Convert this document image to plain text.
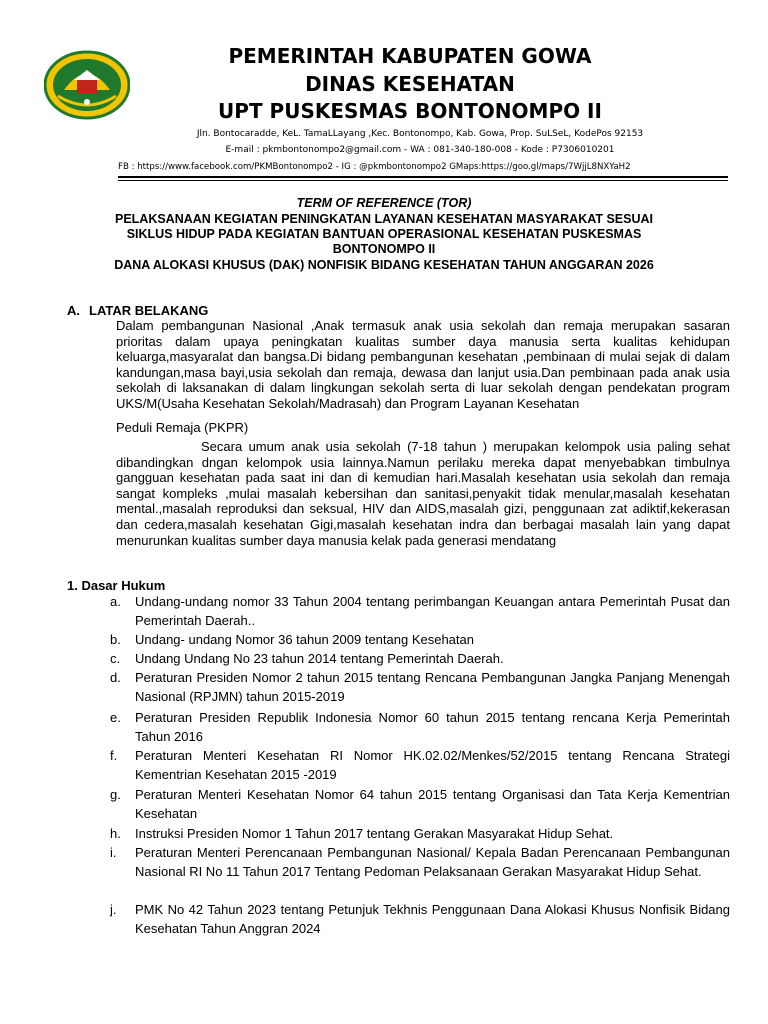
PEMERINTAH KABUPATEN GOWA
DINAS KESEHATAN
UPT PUSKESMAS BONTONOMPO II
Jln. Bontocaradde, KeL. TamaLLayang ,Kec. Bontonompo, Kab. Gowa, Prop. SuLSeL, KodePos 92153
E-mail : pkmbontonompo2@gmail.com - WA : 081-340-180-008 - Kode : P7306010201
FB : https://www.facebook.com/PKMBontonompo2 - IG : @pkmbontonompo2 GMaps:https://goo.gl/maps/7WjjL8NXYaH2
TERM OF REFERENCE (TOR)
PELAKSANAAN KEGIATAN PENINGKATAN LAYANAN KESEHATAN MASYARAKAT SESUAI
SIKLUS HIDUP PADA KEGIATAN BANTUAN OPERASIONAL KESEHATAN PUSKESMAS
BONTONOMPO II
DANA ALOKASI KHUSUS (DAK) NONFISIK BIDANG KESEHATAN TAHUN ANGGARAN 2026
A. LATAR BELAKANG
Dalam pembangunan Nasional ,Anak termasuk anak usia sekolah dan remaja merupakan sasaran prioritas dalam upaya peningkatan kualitas sumber daya manusia serta kualitas kehidupan keluarga,masyaralat dan bangsa.Di bidang pembangunan kesehatan ,pembinaan di mulai sejak di dalam kandungan,masa bayi,usia sekolah dan remaja, dewasa dan lanjut usia.Dan pembinaan pada anak usia sekolah di laksanakan di dalam lingkungan sekolah serta di luar sekolah dengan pendekatan program UKS/M(Usaha Kesehatan Sekolah/Madrasah) dan Program Layanan Kesehatan
Peduli Remaja (PKPR)
Secara umum anak usia sekolah (7-18 tahun ) merupakan kelompok usia paling sehat dibandingkan dngan kelompok usia lainnya.Namun perilaku mereka dapat menyebabkan timbulnya gangguan kesehatan pada saat ini dan di kemudian hari.Masalah kesehatan usia sekolah dan remaja sangat kompleks ,mulai masalah kebersihan dan sanitasi,penyakit tidak menular,masalah kesehatan mental.,masalah reproduksi dan seksual, HIV dan AIDS,masalah gizi, penggunaan zat adiktif,kekerasan dan cedera,masalah kesehatan Gigi,masalah kesehatan indra dan berbagai masalah lain yang dapat menurunkan kualitas sumber daya manusia kelak pada generasi mendatang
1. Dasar Hukum
a. Undang-undang nomor 33 Tahun 2004 tentang perimbangan Keuangan antara Pemerintah Pusat dan Pemerintah Daerah..
b. Undang- undang Nomor 36 tahun 2009 tentang Kesehatan
c. Undang Undang No 23 tahun 2014 tentang Pemerintah Daerah.
d. Peraturan Presiden Nomor 2 tahun 2015 tentang Rencana Pembangunan Jangka Panjang Menengah Nasional (RPJMN) tahun 2015-2019
e. Peraturan Presiden Republik Indonesia Nomor 60 tahun 2015 tentang rencana Kerja Pemerintah Tahun 2016
f. Peraturan Menteri Kesehatan RI Nomor HK.02.02/Menkes/52/2015 tentang Rencana Strategi Kementrian Kesehatan 2015 -2019
g. Peraturan Menteri Kesehatan Nomor 64 tahun 2015 tentang Organisasi dan Tata Kerja Kementrian Kesehatan
h. Instruksi Presiden Nomor 1 Tahun 2017 tentang Gerakan Masyarakat Hidup Sehat.
i. Peraturan Menteri Perencanaan Pembangunan Nasional/ Kepala Badan Perencanaan Pembangunan Nasional RI No 11 Tahun 2017 Tentang Pedoman Pelaksanaan Gerakan Masyarakat Hidup Sehat.
j. PMK No 42 Tahun 2023 tentang Petunjuk Tekhnis Penggunaan Dana Alokasi Khusus Nonfisik Bidang Kesehatan Tahun Anggran 2024
